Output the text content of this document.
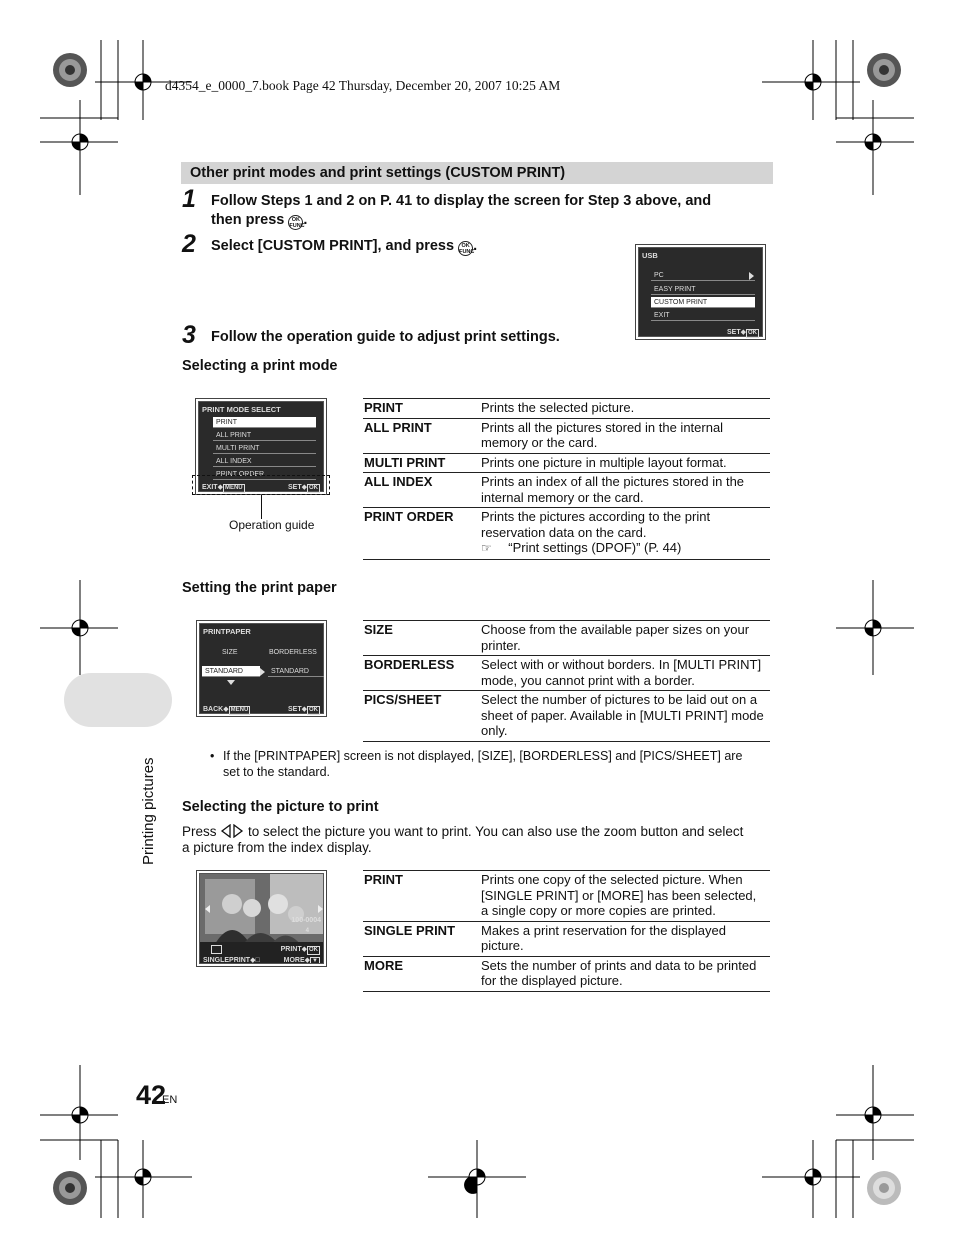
d4354_e_0000_7.book Page 42 Thursday, December 20, 2007 10:25 AM
Other print modes and print settings (CUSTOM PRINT)
1 Follow Steps 1 and 2 on P. 41 to display the screen for Step 3 above, and
then press OK
FUNC.
2 Select [CUSTOM PRINT], and press OK
FUNC.
USB
PC
EASY PRINT
CUSTOM PRINT
EXIT
SET◆ OK
3 Follow the operation guide to adjust print settings.
Selecting a print mode
PRINT MODE SELECT
PRINT
ALL PRINT
MULTI PRINT
ALL INDEX
PRINT ORDER
EXIT◆ MENU	SET◆ OK
Operation guide
PRINT	Prints the selected picture.
ALL PRINT	Prints all the pictures stored in the internal
memory or the card.
MULTI PRINT	Prints one picture in multiple layout format.
ALL INDEX	Prints an index of all the pictures stored in the
internal memory or the card.
PRINT ORDER	Prints the pictures according to the print
reservation data on the card.
☞ “Print settings (DPOF)” (P. 44)
Setting the print paper
PRINTPAPER
SIZE	BORDERLESS
STANDARD	STANDARD
BACK◆ MENU	SET◆ OK
SIZE	Choose from the available paper sizes on your
printer.
BORDERLESS	Select with or without borders. In [MULTI PRINT]
mode, you cannot print with a border.
PICS/SHEET	Select the number of pictures to be laid out on a
sheet of paper. Available in [MULTI PRINT] mode
only.
• If the [PRINTPAPER] screen is not displayed, [SIZE], [BORDERLESS] and [PICS/SHEET] are
set to the standard.
Selecting the picture to print
Press to select the picture you want to print. You can also use the zoom button and select
a picture from the index display.
100-0004
4
PRINT◆ OK
SINGLEPRINT◆□	MORE◆ ▼
PRINT	Prints one copy of the selected picture. When
[SINGLE PRINT] or [MORE] has been selected,
a single copy or more copies are printed.
SINGLE PRINT	Makes a print reservation for the displayed
picture.
MORE	Sets the number of prints and data to be printed
for the displayed picture.
Printing pictures
42
EN
